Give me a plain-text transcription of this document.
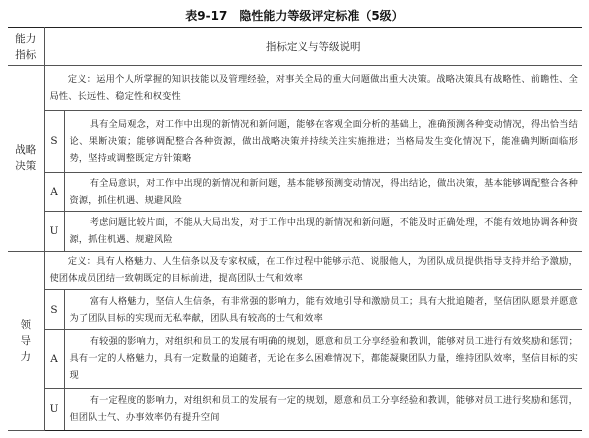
表9-17　隐性能力等级评定标准（5级）
能力
指标	指标定义与等级说明	
战略
决策	定义：运用个人所掌握的知识技能以及管理经验，对事关全局的重大问题做出重大决策。战略决策具有战略性、前瞻性、全局性、长远性、稳定性和权变性	
	S	具有全局观念，对工作中出现的新情况和新问题，能够在客观全面分析的基础上，准确预测各种变动情况，得出恰当结论、果断决策；能够调配整合各种资源，做出战略决策并持续关注实施推进；当格局发生变化情况下，能准确判断面临形势，坚持或调整既定方针策略
	A	有全局意识，对工作中出现的新情况和新问题，基本能够预测变动情况，得出结论，做出决策，基本能够调配整合各种资源，抓住机遇、规避风险
	U	考虑问题比较片面，不能从大局出发，对于工作中出现的新情况和新问题，不能及时正确处理，不能有效地协调各种资源，抓住机遇、规避风险
领
导
力	定义：具有人格魅力、人生信条以及专家权威，在工作过程中能够示范、说服他人，为团队成员提供指导支持并给予激励，使团体成员团结一致朝既定的目标前进，提高团队士气和效率	
	S	富有人格魅力，坚信人生信条，有非常强的影响力，能有效地引导和激励员工；具有大批追随者，坚信团队愿景并愿意为了团队目标的实现而无私奉献，团队具有较高的士气和效率
	A	有较强的影响力，对组织和员工的发展有明确的规划，愿意和员工分享经验和教训，能够对员工进行有效奖励和惩罚；具有一定的人格魅力，具有一定数量的追随者，无论在多么困难情况下，都能凝聚团队力量，维持团队效率，坚信目标的实现
	U	有一定程度的影响力，对组织和员工的发展有一定的规划，愿意和员工分享经验和教训，能够对员工进行奖励和惩罚，但团队士气、办事效率仍有提升空间
